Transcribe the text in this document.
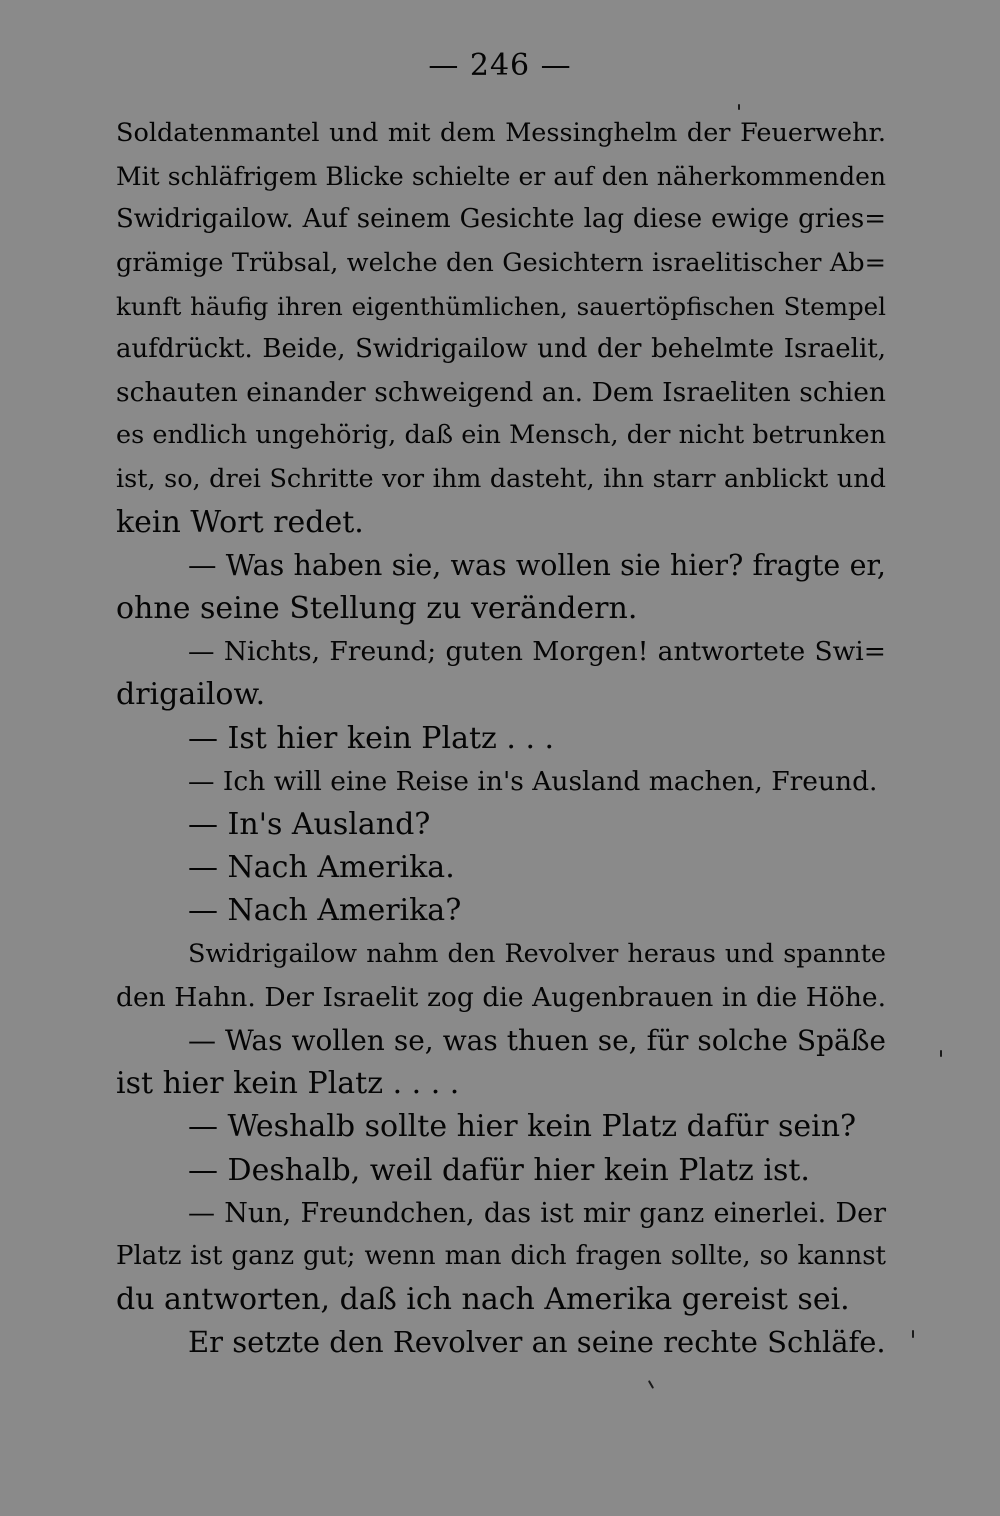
— 246 —
Soldatenmantel und mit dem Messinghelm der Feuerwehr.
Mit schläfrigem Blicke schielte er auf den näherkommenden
Swidrigailow. Auf seinem Gesichte lag diese ewige gries=
grämige Trübsal, welche den Gesichtern israelitischer Ab=
kunft häufig ihren eigenthümlichen, sauertöpfischen Stempel
aufdrückt. Beide, Swidrigailow und der behelmte Israelit,
schauten einander schweigend an. Dem Israeliten schien
es endlich ungehörig, daß ein Mensch, der nicht betrunken
ist, so, drei Schritte vor ihm dasteht, ihn starr anblickt und
kein Wort redet.
— Was haben sie, was wollen sie hier? fragte er,
ohne seine Stellung zu verändern.
— Nichts, Freund; guten Morgen! antwortete Swi=
drigailow.
— Ist hier kein Platz . . .
— Ich will eine Reise in's Ausland machen, Freund.
— In's Ausland?
— Nach Amerika.
— Nach Amerika?
Swidrigailow nahm den Revolver heraus und spannte
den Hahn. Der Israelit zog die Augenbrauen in die Höhe.
— Was wollen se, was thuen se, für solche Späße
ist hier kein Platz . . . .
— Weshalb sollte hier kein Platz dafür sein?
— Deshalb, weil dafür hier kein Platz ist.
— Nun, Freundchen, das ist mir ganz einerlei. Der
Platz ist ganz gut; wenn man dich fragen sollte, so kannst
du antworten, daß ich nach Amerika gereist sei.
Er setzte den Revolver an seine rechte Schläfe.
